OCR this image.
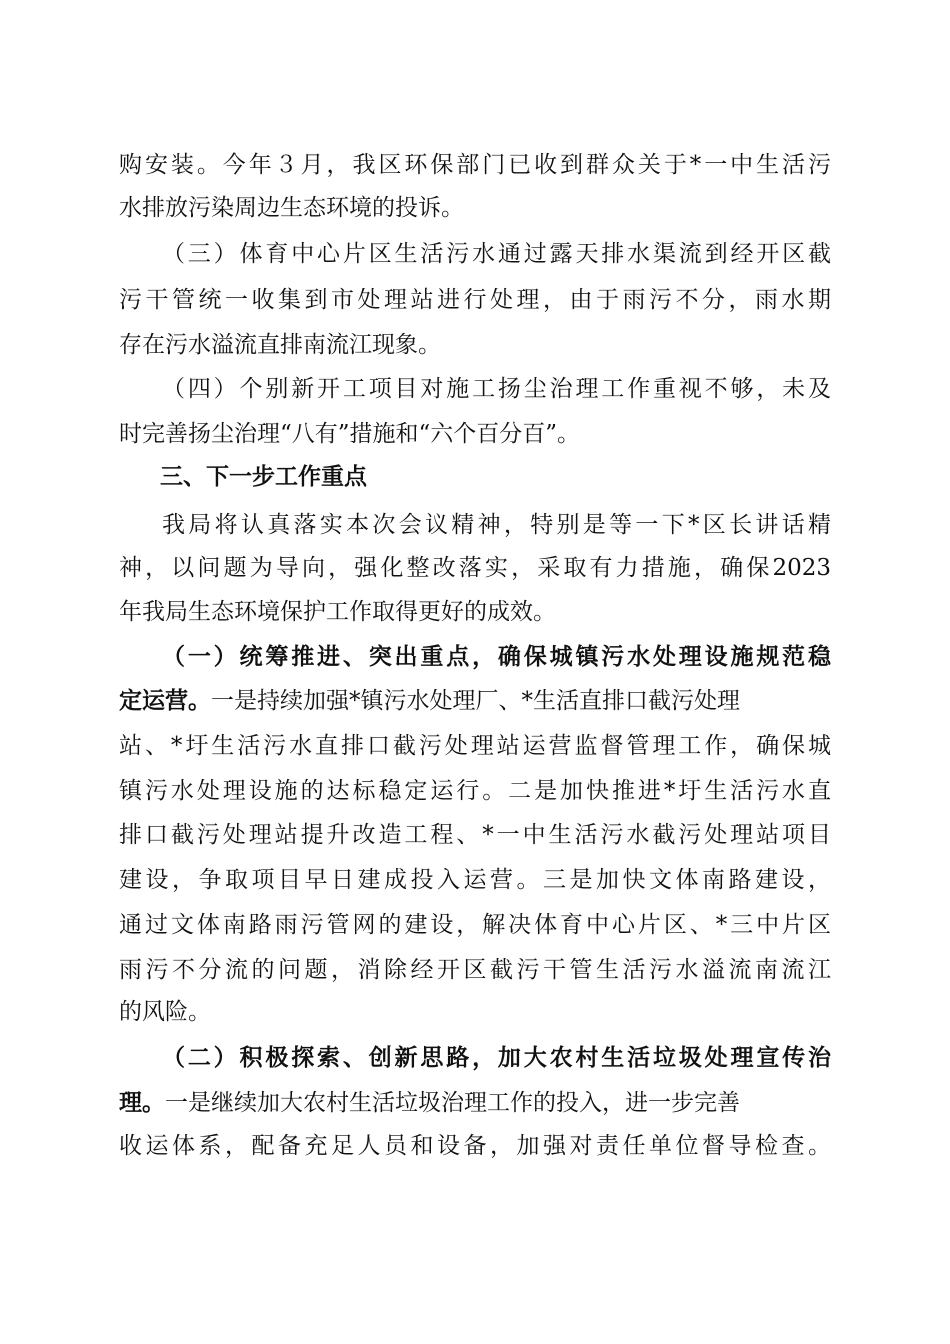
购安装。今年３月，我区环保部门已收到群众关于*一中生活污
水排放污染周边生态环境的投诉。
（三）体育中心片区生活污水通过露天排水渠流到经开区截
污干管统一收集到市处理站进行处理，由于雨污不分，雨水期
存在污水溢流直排南流江现象。
（四）个别新开工项目对施工扬尘治理工作重视不够，未及
时完善扬尘治理“八有”措施和“六个百分百”。
三、下一步工作重点
我局将认真落实本次会议精神，特别是等一下*区长讲话精
神，以问题为导向，强化整改落实，采取有力措施，确保2023
年我局生态环境保护工作取得更好的成效。
（一）统筹推进、突出重点，确保城镇污水处理设施规范稳
定运营。一是持续加强*镇污水处理厂、*生活直排口截污处理
站、*圩生活污水直排口截污处理站运营监督管理工作，确保城
镇污水处理设施的达标稳定运行。二是加快推进*圩生活污水直
排口截污处理站提升改造工程、*一中生活污水截污处理站项目
建设，争取项目早日建成投入运营。三是加快文体南路建设，
通过文体南路雨污管网的建设，解决体育中心片区、*三中片区
雨污不分流的问题，消除经开区截污干管生活污水溢流南流江
的风险。
（二）积极探索、创新思路，加大农村生活垃圾处理宣传治
理。一是继续加大农村生活垃圾治理工作的投入，进一步完善
收运体系，配备充足人员和设备，加强对责任单位督导检查。
